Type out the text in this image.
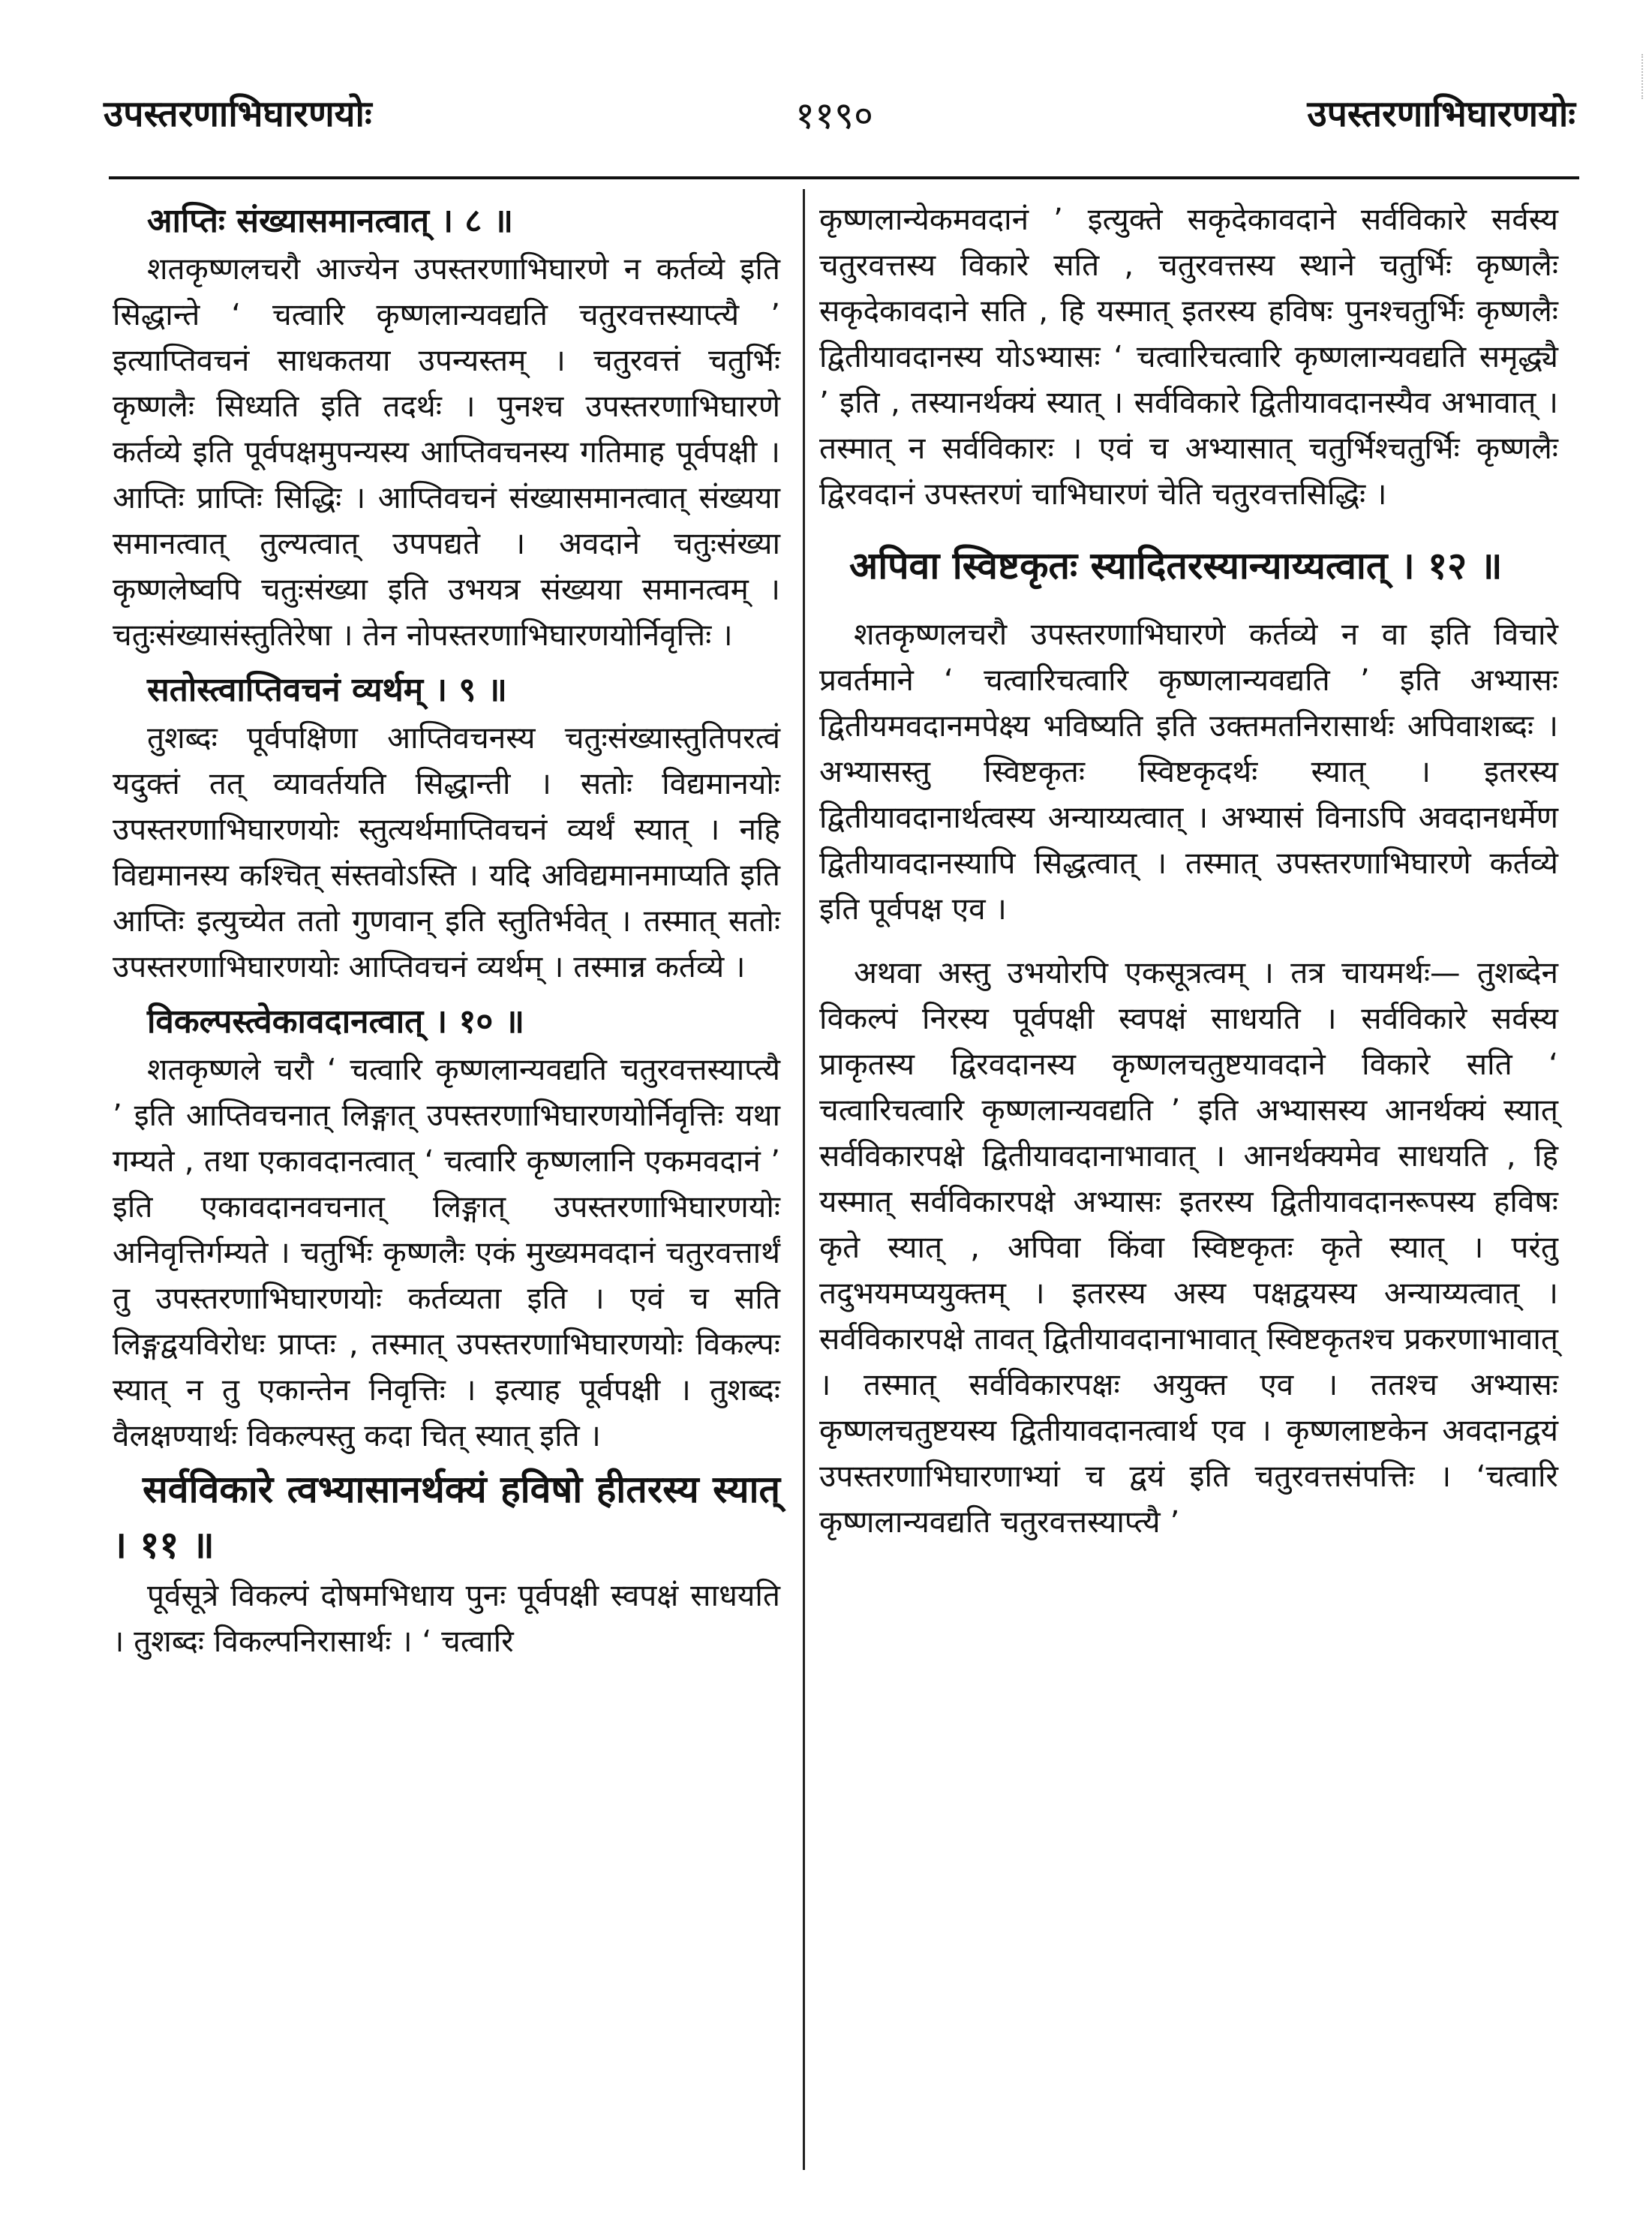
उपस्तरणाभिघारणयोः	११९०	उपस्तरणाभिघारणयोः

आप्तिः संख्यासमानत्वात् । ८ ॥

शतकृष्णलचरौ आज्येन उपस्तरणाभिघारणे न कर्तव्ये इति सिद्धान्ते ‘ चत्वारि कृष्णलान्यवद्यति चतुरवत्तस्याप्त्यै ’ इत्याप्तिवचनं साधकतया उपन्यस्तम् । चतुरवत्तं चतुर्भिः कृष्णलैः सिध्यति इति तदर्थः । पुनश्च उपस्तरणाभिघारणे कर्तव्ये इति पूर्वपक्षमुपन्यस्य आप्तिवचनस्य गतिमाह पूर्वपक्षी । आप्तिः प्राप्तिः सिद्धिः । आप्तिवचनं संख्यासमानत्वात् संख्यया समानत्वात् तुल्यत्वात् उपपद्यते । अवदाने चतुःसंख्या कृष्णलेष्वपि चतुःसंख्या इति उभयत्र संख्यया समानत्वम् । चतुःसंख्यासंस्तुतिरेषा । तेन नोपस्तरणाभिघारणयोर्निवृत्तिः ।

सतोस्त्वाप्तिवचनं व्यर्थम् । ९ ॥

तुशब्दः पूर्वपक्षिणा आप्तिवचनस्य चतुःसंख्यास्तुतिपरत्वं यदुक्तं तत् व्यावर्तयति सिद्धान्ती । सतोः विद्यमानयोः उपस्तरणाभिघारणयोः स्तुत्यर्थमाप्तिवचनं व्यर्थं स्यात् । नहि विद्यमानस्य कश्चित् संस्तवोऽस्ति । यदि अविद्यमानमाप्यति इति आप्तिः इत्युच्येत ततो गुणवान् इति स्तुतिर्भवेत् । तस्मात् सतोः उपस्तरणाभिघारणयोः आप्तिवचनं व्यर्थम् । तस्मान्न कर्तव्ये ।

विकल्पस्त्वेकावदानत्वात् । १० ॥

शतकृष्णले चरौ ‘ चत्वारि कृष्णलान्यवद्यति चतुरवत्तस्याप्त्यै ’ इति आप्तिवचनात् लिङ्गात् उपस्तरणाभिघारणयोर्निवृत्तिः यथा गम्यते , तथा एकावदानत्वात् ‘ चत्वारि कृष्णलानि एकमवदानं ’ इति एकावदानवचनात् लिङ्गात् उपस्तरणाभिघारणयोः अनिवृत्तिर्गम्यते । चतुर्भिः कृष्णलैः एकं मुख्यमवदानं चतुरवत्तार्थं तु उपस्तरणाभिघारणयोः कर्तव्यता इति । एवं च सति लिङ्गद्वयविरोधः प्राप्तः , तस्मात् उपस्तरणाभिघारणयोः विकल्पः स्यात् न तु एकान्तेन निवृत्तिः । इत्याह पूर्वपक्षी । तुशब्दः वैलक्षण्यार्थः विकल्पस्तु कदा चित् स्यात् इति ।

सर्वविकारे त्वभ्यासानर्थक्यं हविषो हीतरस्य स्यात् । ११ ॥

पूर्वसूत्रे विकल्पं दोषमभिधाय पुनः पूर्वपक्षी स्वपक्षं साधयति । तुशब्दः विकल्पनिरासार्थः । ‘ चत्वारि

कृष्णलान्येकमवदानं ’ इत्युक्ते सकृदेकावदाने सर्वविकारे सर्वस्य चतुरवत्तस्य विकारे सति , चतुरवत्तस्य स्थाने चतुर्भिः कृष्णलैः सकृदेकावदाने सति , हि यस्मात् इतरस्य हविषः पुनश्चतुर्भिः कृष्णलैः द्वितीयावदानस्य योऽभ्यासः ‘ चत्वारिचत्वारि कृष्णलान्यवद्यति समृद्ध्यै ’ इति , तस्यानर्थक्यं स्यात् । सर्वविकारे द्वितीयावदानस्यैव अभावात् । तस्मात् न सर्वविकारः । एवं च अभ्यासात् चतुर्भिश्चतुर्भिः कृष्णलैः द्विरवदानं उपस्तरणं चाभिघारणं चेति चतुरवत्तसिद्धिः ।

अपिवा स्विष्टकृतः स्यादितरस्यान्याय्यत्वात् । १२ ॥

शतकृष्णलचरौ उपस्तरणाभिघारणे कर्तव्ये न वा इति विचारे प्रवर्तमाने ‘ चत्वारिचत्वारि कृष्णलान्यवद्यति ’ इति अभ्यासः द्वितीयमवदानमपेक्ष्य भविष्यति इति उक्तमतनिरासार्थः अपिवाशब्दः । अभ्यासस्तु स्विष्टकृतः स्विष्टकृदर्थः स्यात् । इतरस्य द्वितीयावदानार्थत्वस्य अन्याय्यत्वात् । अभ्यासं विनाऽपि अवदानधर्मेण द्वितीयावदानस्यापि सिद्धत्वात् । तस्मात् उपस्तरणाभिघारणे कर्तव्ये इति पूर्वपक्ष एव ।

अथवा अस्तु उभयोरपि एकसूत्रत्वम् । तत्र चायमर्थः— तुशब्देन विकल्पं निरस्य पूर्वपक्षी स्वपक्षं साधयति । सर्वविकारे सर्वस्य प्राकृतस्य द्विरवदानस्य कृष्णलचतुष्टयावदाने विकारे सति ‘ चत्वारिचत्वारि कृष्णलान्यवद्यति ’ इति अभ्यासस्य आनर्थक्यं स्यात् सर्वविकारपक्षे द्वितीयावदानाभावात् । आनर्थक्यमेव साधयति , हि यस्मात् सर्वविकारपक्षे अभ्यासः इतरस्य द्वितीयावदानरूपस्य हविषः कृते स्यात् , अपिवा किंवा स्विष्टकृतः कृते स्यात् । परंतु तदुभयमप्ययुक्तम् । इतरस्य अस्य पक्षद्वयस्य अन्याय्यत्वात् । सर्वविकारपक्षे तावत् द्वितीयावदानाभावात् स्विष्टकृतश्च प्रकरणाभावात् । तस्मात् सर्वविकारपक्षः अयुक्त एव । ततश्च अभ्यासः कृष्णलचतुष्टयस्य द्वितीयावदानत्वार्थ एव । कृष्णलाष्टकेन अवदानद्वयं उपस्तरणाभिघारणाभ्यां च द्वयं इति चतुरवत्तसंपत्तिः । ‘चत्वारि कृष्णलान्यवद्यति चतुरवत्तस्याप्त्यै ’
